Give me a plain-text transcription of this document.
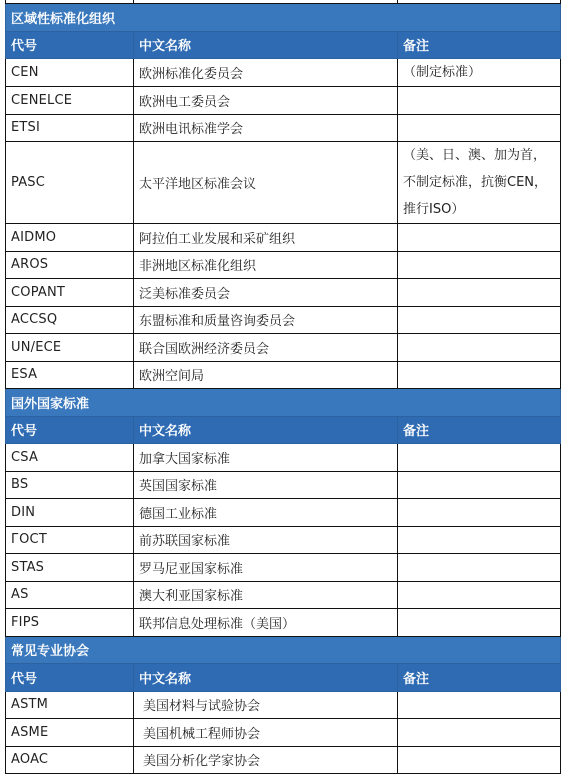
区域性标准化组织		
代号	中文名称	备注
CEN	欧洲标准化委员会	（制定标准）
CENELCE	欧洲电工委员会	
ETSI	欧洲电讯标准学会	
PASC	太平洋地区标准会议	（美、日、澳、加为首，
不制定标准，抗衡CEN，
推行ISO）

AIDMO	阿拉伯工业发展和采矿组织	
AROS	非洲地区标准化组织	
COPANT	泛美标准委员会	
ACCSQ	东盟标准和质量咨询委员会	
UN/ECE	联合国欧洲经济委员会	
ESA	欧洲空间局	
国外国家标准		
代号	中文名称	备注
CSA	加拿大国家标准	
BS	英国国家标准	
DIN	德国工业标准	
ГОСТ	前苏联国家标准	
STAS	罗马尼亚国家标准	
AS	澳大利亚国家标准	
FIPS	联邦信息处理标准（美国）	
常见专业协会		
代号	中文名称	备注
ASTM	美国材料与试验协会	
ASME	美国机械工程师协会	
AOAC	美国分析化学家协会	
